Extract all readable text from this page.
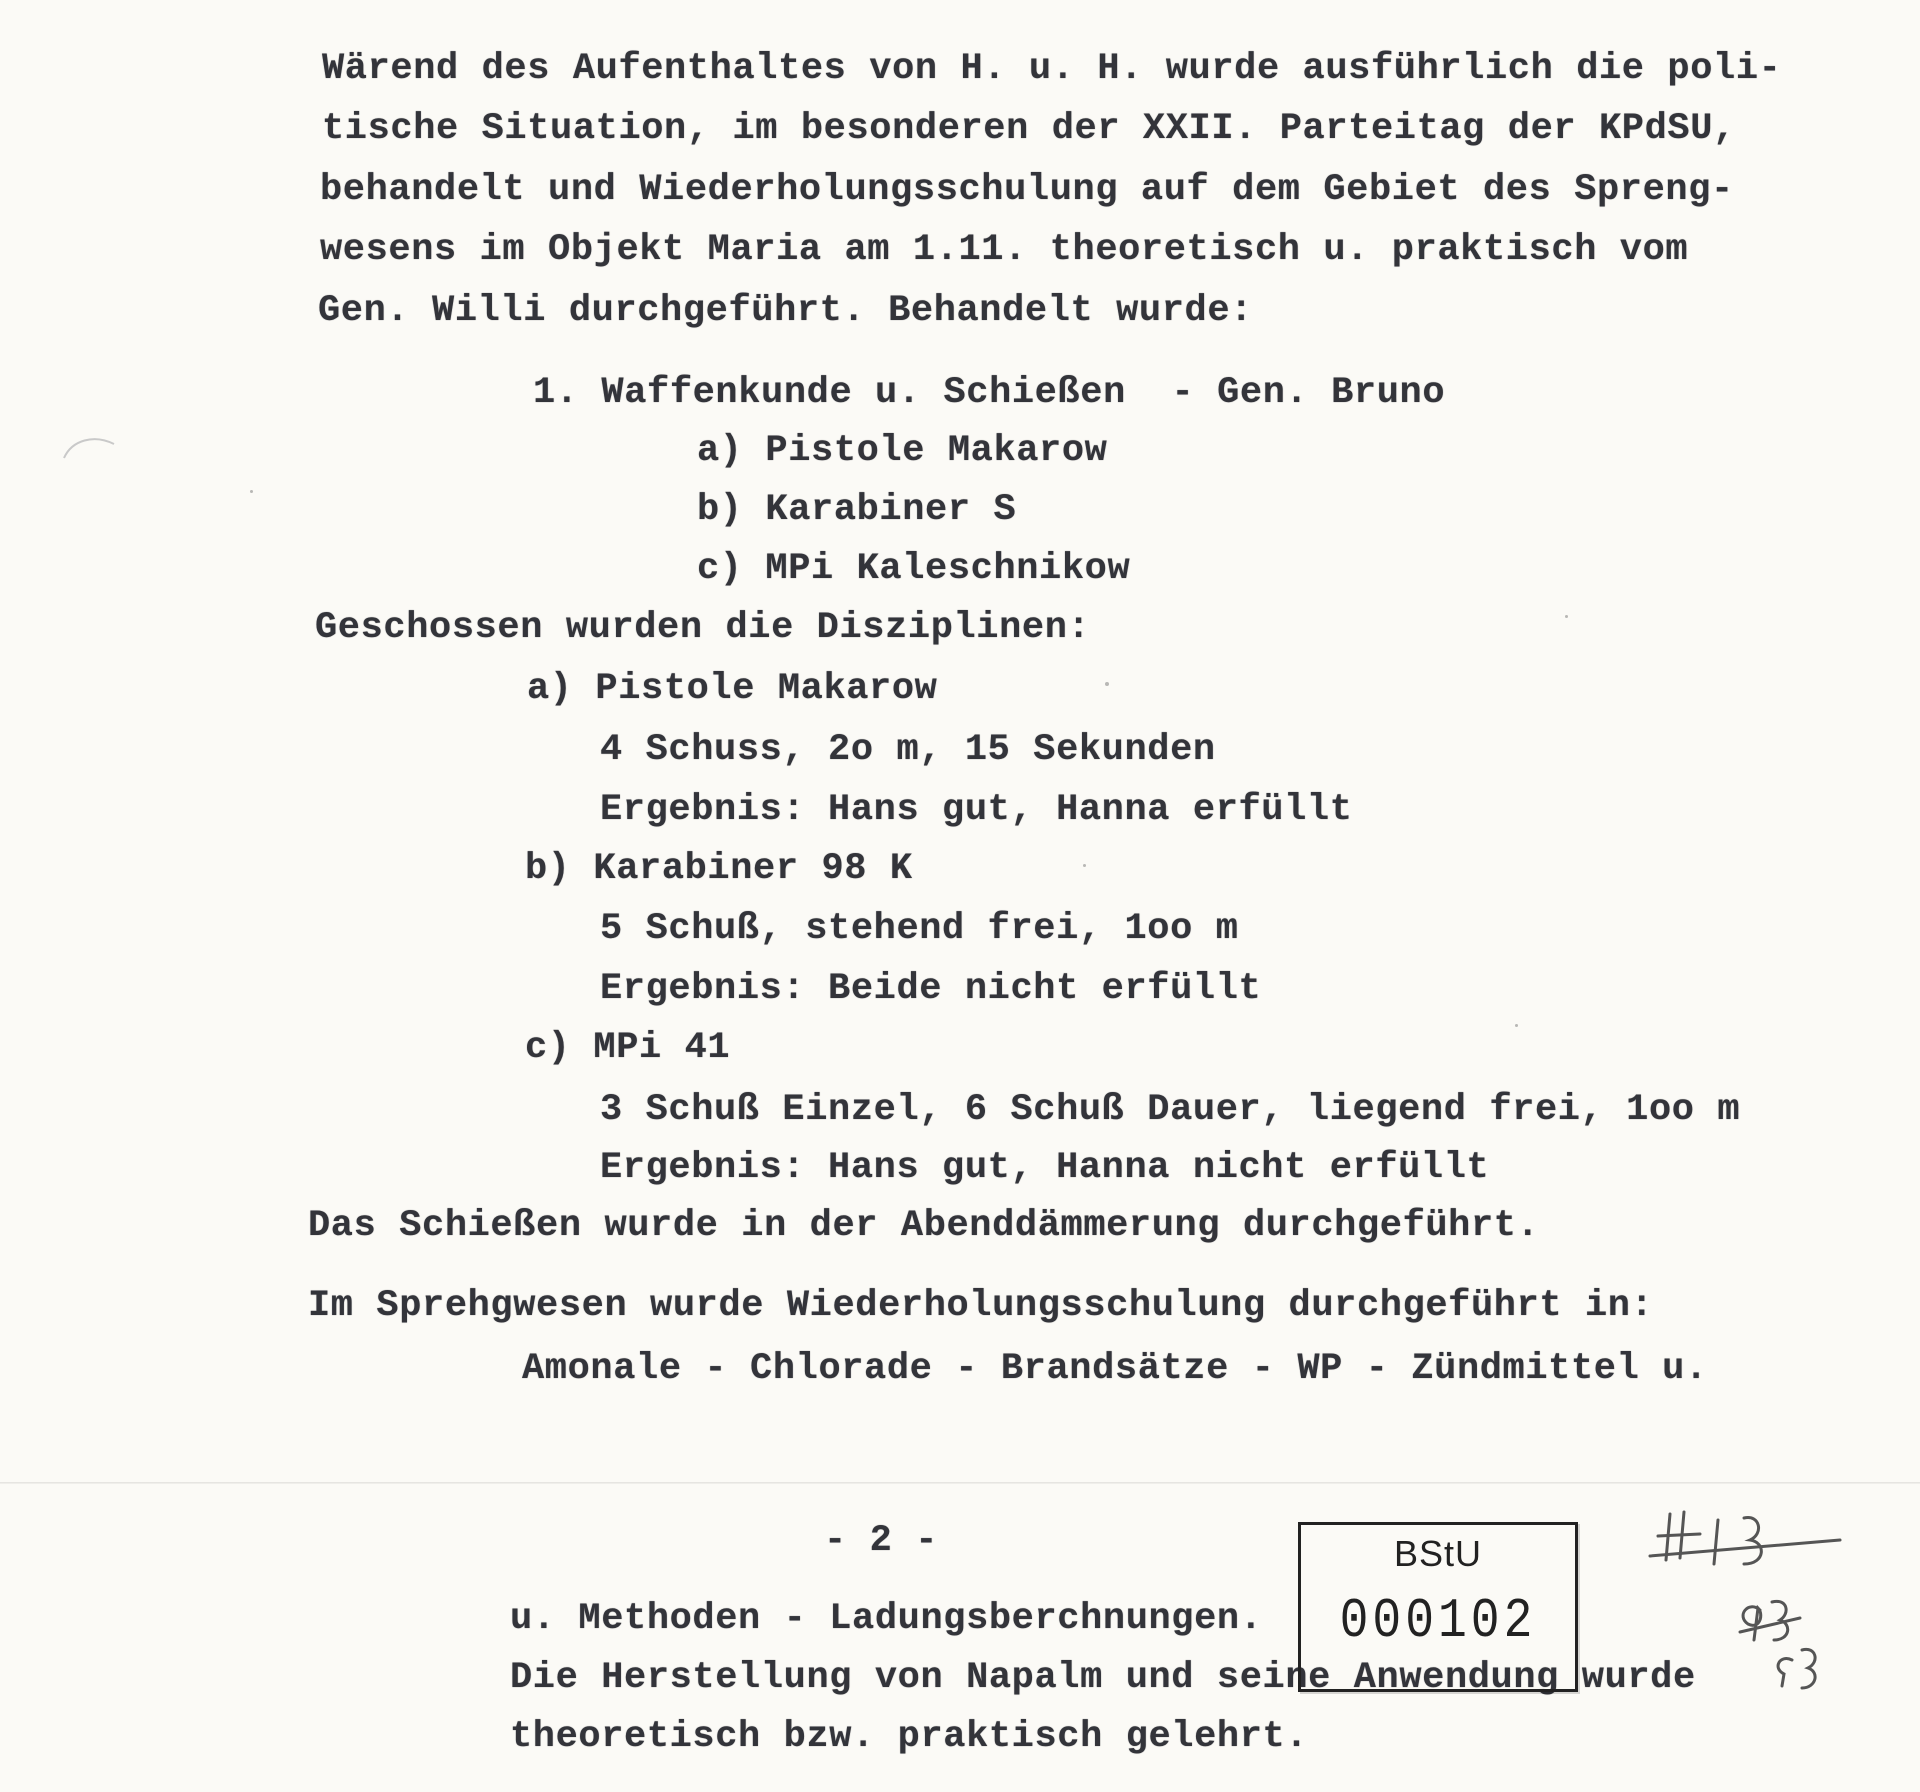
Wärend des Aufenthaltes von H. u. H. wurde ausführlich die poli-
tische Situation, im besonderen der XXII. Parteitag der KPdSU,
behandelt und Wiederholungsschulung auf dem Gebiet des Spreng-
wesens im Objekt Maria am 1.11. theoretisch u. praktisch vom
Gen. Willi durchgeführt. Behandelt wurde:
1. Waffenkunde u. Schießen  - Gen. Bruno
a) Pistole Makarow
b) Karabiner S
c) MPi Kaleschnikow
Geschossen wurden die Disziplinen:
a) Pistole Makarow
4 Schuss, 2o m, 15 Sekunden
Ergebnis: Hans gut, Hanna erfüllt
b) Karabiner 98 K
5 Schuß, stehend frei, 1oo m
Ergebnis: Beide nicht erfüllt
c) MPi 41
3 Schuß Einzel, 6 Schuß Dauer, liegend frei, 1oo m
Ergebnis: Hans gut, Hanna nicht erfüllt
Das Schießen wurde in der Abenddämmerung durchgeführt.
Im Sprehgwesen wurde Wiederholungsschulung durchgeführt in:
Amonale - Chlorade - Brandsätze - WP - Zündmittel u.
- 2 -
u. Methoden - Ladungsberchnungen.
Die Herstellung von Napalm und seine Anwendung wurde
theoretisch bzw. praktisch gelehrt.
BStU
000102
